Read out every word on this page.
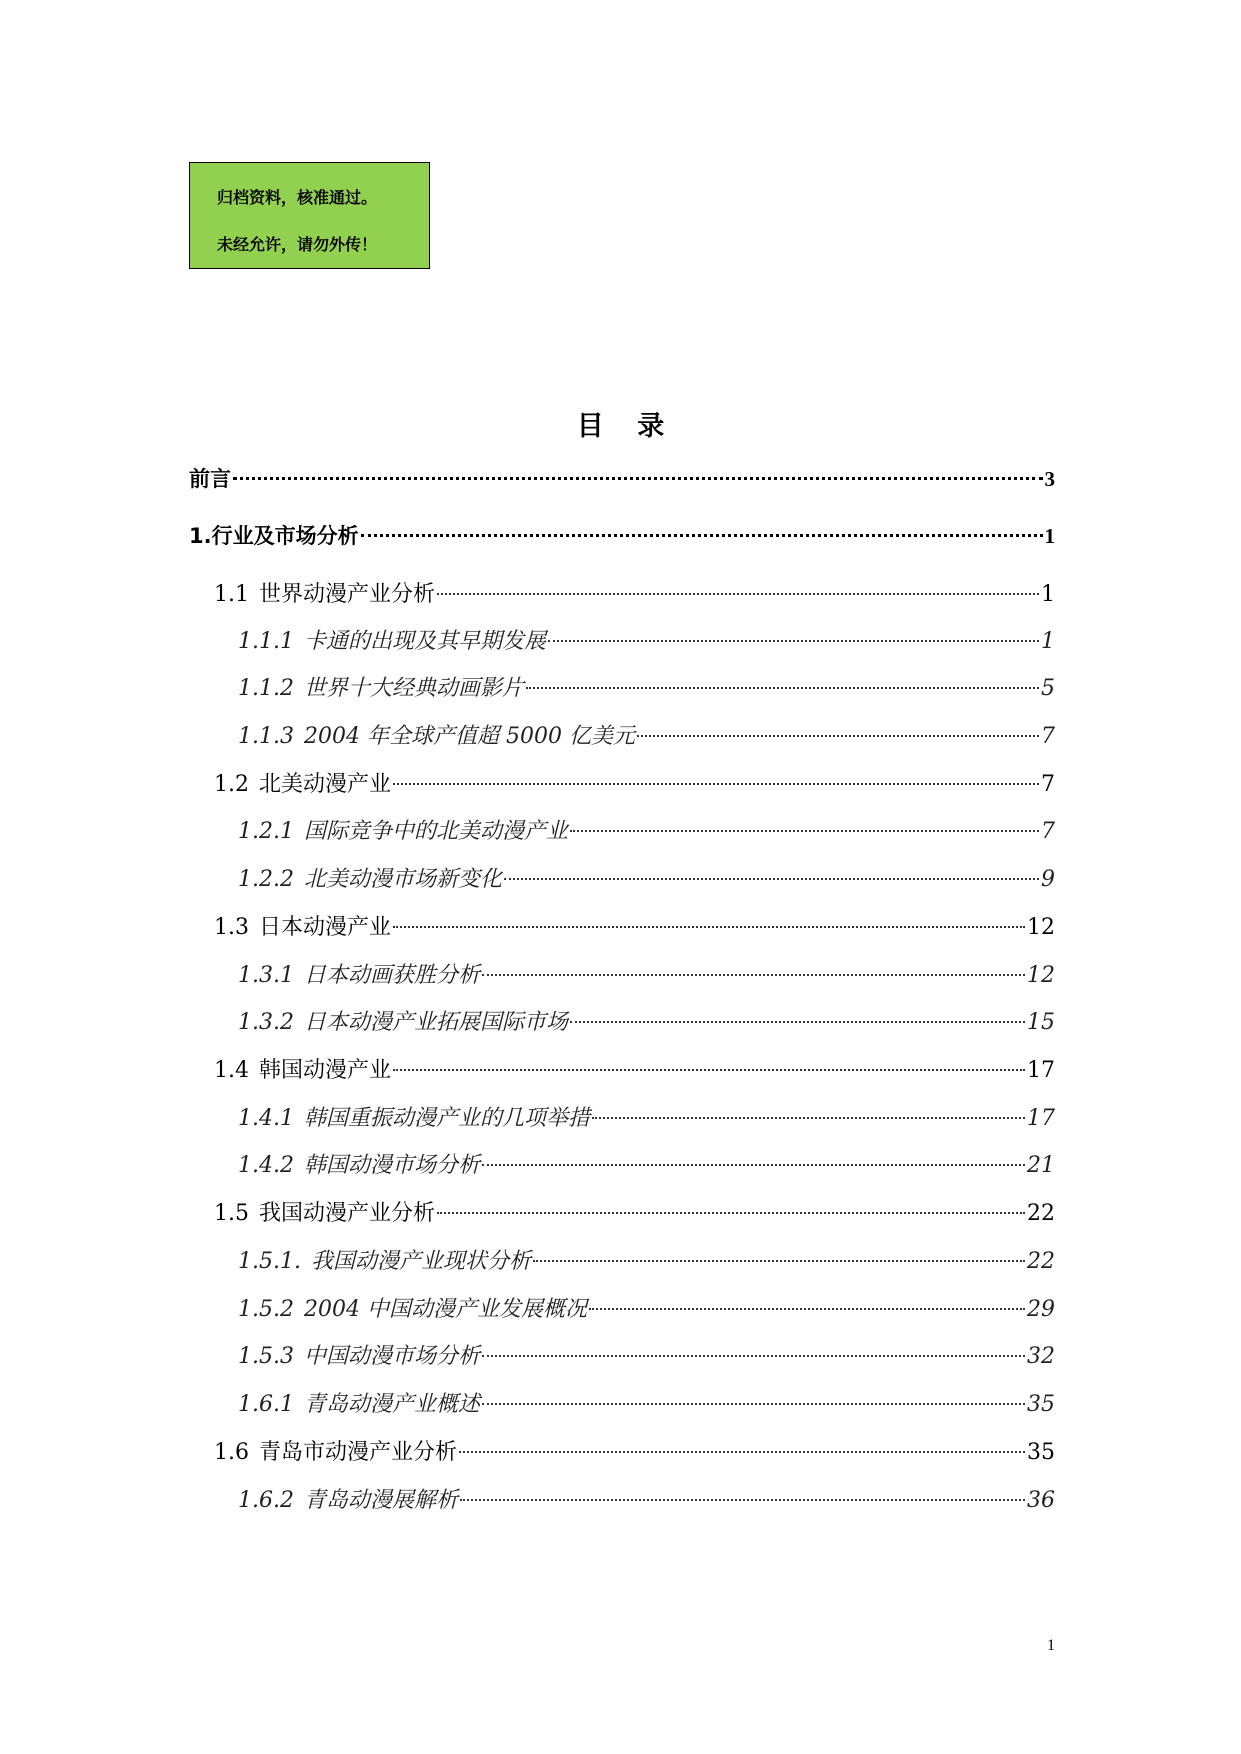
归档资料，核准通过。
未经允许，请勿外传！
目 录
前言	3
1. 行业及市场分析	1
1.1 世界动漫产业分析	1
1.1.1 卡通的出现及其早期发展	1
1.1.2 世界十大经典动画影片	5
1.1.3 2004 年全球产值超 5000 亿美元	7
1.2 北美动漫产业	7
1.2.1 国际竞争中的北美动漫产业	7
1.2.2 北美动漫市场新变化	9
1.3 日本动漫产业	12
1.3.1 日本动画获胜分析	12
1.3.2 日本动漫产业拓展国际市场	15
1.4 韩国动漫产业	17
1.4.1 韩国重振动漫产业的几项举措	17
1.4.2 韩国动漫市场分析	21
1.5 我国动漫产业分析	22
1.5.1. 我国动漫产业现状分析	22
1.5.2 2004 中国动漫产业发展概况	29
1.5.3 中国动漫市场分析	32
1.6.1 青岛动漫产业概述	35
1.6 青岛市动漫产业分析	35
1.6.2 青岛动漫展解析	36
1
